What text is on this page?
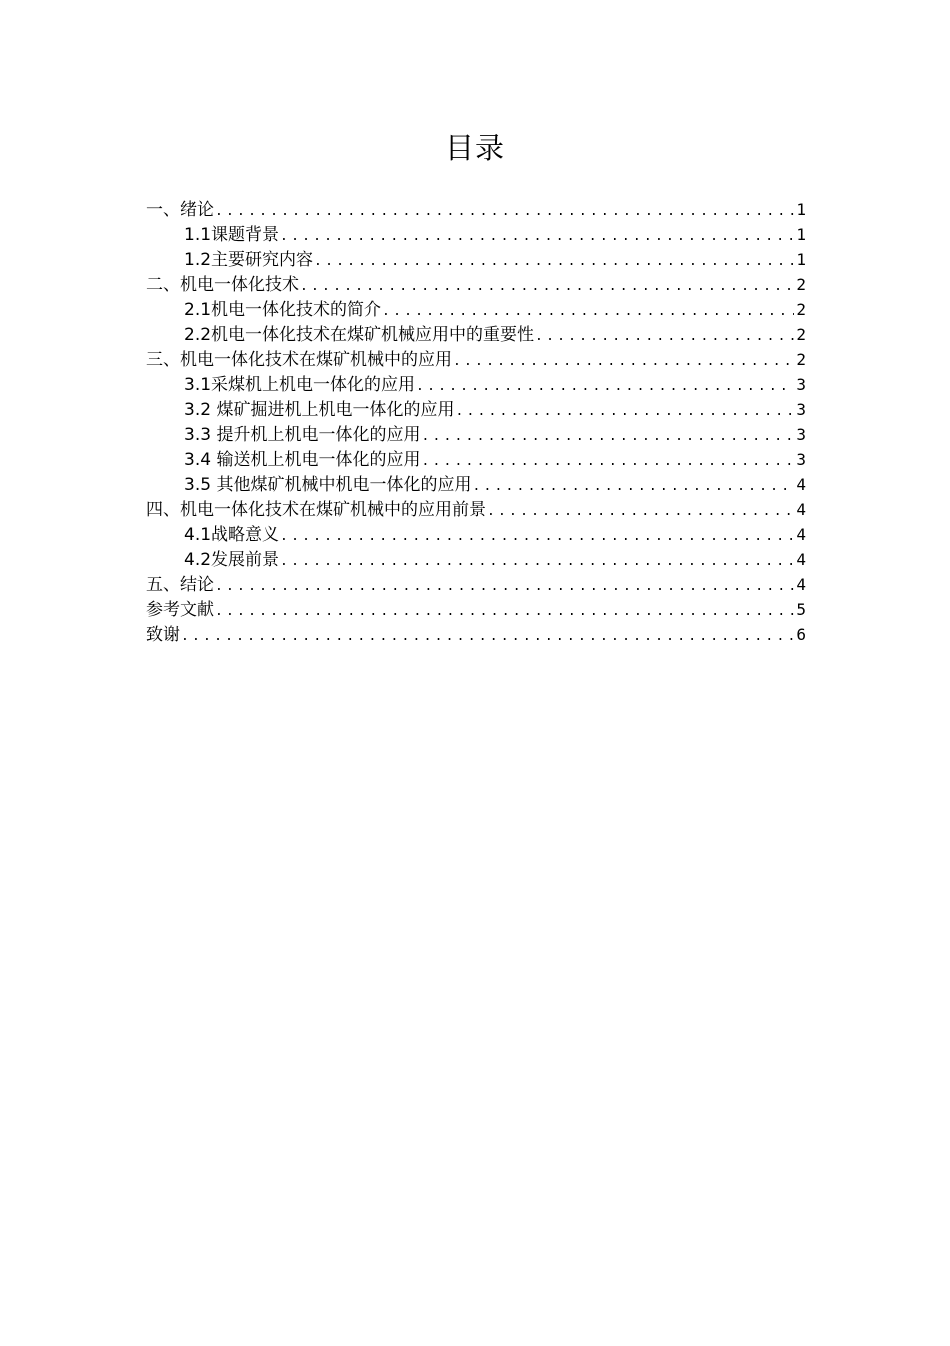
目录
一、绪论 .....	1
1.1课题背景 .....	1
1.2主要研究内容 .....	1
二、机电一体化技术 .....	2
2.1机电一体化技术的简介 .....	2
2.2机电一体化技术在煤矿机械应用中的重要性 .....	2
三、机电一体化技术在煤矿机械中的应用 .....	2
3.1采煤机上机电一体化的应用 .....	3
3.2 煤矿掘进机上机电一体化的应用 .....	3
3.3 提升机上机电一体化的应用 .....	3
3.4 输送机上机电一体化的应用 .....	3
3.5 其他煤矿机械中机电一体化的应用 .....	4
四、机电一体化技术在煤矿机械中的应用前景 .....	4
4.1战略意义 .....	4
4.2发展前景 .....	4
五、结论 .....	4
参考文献 .....	5
致谢 .....	6
